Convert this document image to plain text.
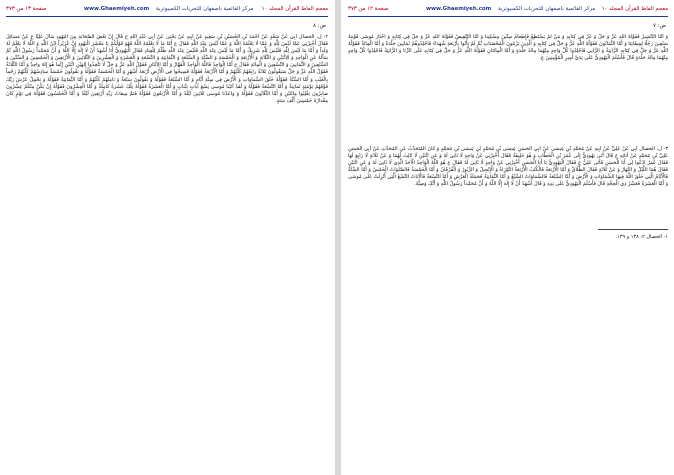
صفحة ١٣ من ٣٧٣	www.Ghaemiyeh.com مركز القائمية باصفهان للتحريات الكمبيوترية معجم الفاظ القرآن المجلد ١٠
ص: ٨

٢- ل، الخصال أَبِي عَنْ سَعْدٍ عَنْ أَحْمَدَ بْنِ الْحُسَيْنِ بْنِ سَعِيدٍ عَنْ أَبِيهِ عَنْ يَحْيَى عَنْ أَبِي عَبْدِ اللَّهِ ع قَالَ إِنَّ بَعْضَ الصَّحَابَةِ مِنَ الْيَهُودِ سَأَلَ عَلِيّاً ع عَنْ مَسَائِلَ فَقَالَ أَخْبِرْنِي عَمَّا لَيْسَ لِلَّهِ وَ عَمَّا لَا يَعْلَمُهُ اللَّهُ وَ عَمَّا لَيْسَ عِنْدَ اللَّهِ فَقَالَ ع أَمَّا مَا لَا يَعْلَمُهُ اللَّهُ فَهُوَ قَوْلُكُمْ يَا مَعْشَرَ الْيَهُودِ إِنَّ عُزَيْراً ابْنُ اللَّهِ وَ اللَّهُ لَا يَعْلَمُ لَهُ وَلَداً وَ أَمَّا مَا لَيْسَ لِلَّهِ فَلَيْسَ لِلَّهِ شَرِيكٌ وَ أَمَّا مَا لَيْسَ عِنْدَ اللَّهِ فَلَيْسَ عِنْدَ اللَّهِ ظُلْمٌ لِلْعِبَادِ فَقَالَ الْيَهُودِيُّ أَنَا أَشْهَدُ أَنْ لَا إِلَهَ إِلَّا اللَّهُ وَ أَنَّ مُحَمَّداً رَسُولُ اللَّهِ ثُمَّ سَأَلَهُ عَنِ الْوَاحِدِ وَ الِاثْنَيْنِ وَ الثَّلَاثَةِ وَ الْأَرْبَعَةِ وَ الْخَمْسَةِ وَ السِّتَّةِ وَ السَّبْعَةِ وَ الثَّمَانِيَةِ وَ التِّسْعَةِ وَ الْعَشَرَةِ وَ الْعِشْرِينَ وَ الثَّلَاثِينَ وَ الْأَرْبَعِينَ وَ الْخَمْسِينَ وَ السِّتِّينَ وَ السَّبْعِينَ وَ الثَّمَانِينَ وَ التِّسْعِينَ وَ الْمِائَةِ فَقَالَ ع أَمَّا الْوَاحِدُ فَاللَّهُ الْوَاحِدُ الْقَهَّارُ وَ أَمَّا الِاثْنَانِ فَقَوْلُ اللَّهِ عَزَّ وَ جَلَّ لَا تَتَّخِذُوا إِلهَيْنِ اثْنَيْنِ إِنَّما هُوَ إِلهٌ واحِدٌ وَ أَمَّا الثَّلَاثَةُ فَقَوْلُ اللَّهِ عَزَّ وَ جَلَّ سَيَقُولُونَ ثَلاثَةٌ رابِعُهُمْ كَلْبُهُمْ وَ أَمَّا الْأَرْبَعَةُ فَقَوْلُهُ فَسِيحُوا فِي الْأَرْضِ أَرْبَعَةَ أَشْهُرٍ وَ أَمَّا الْخَمْسَةُ فَقَوْلُهُ وَ يَقُولُونَ خَمْسَةٌ سادِسُهُمْ كَلْبُهُمْ رَجْماً بِالْغَيْبِ وَ أَمَّا السِّتَّةُ فَقَوْلُهُ خَلَقَ السَّماواتِ وَ الْأَرْضَ فِي سِتَّةِ أَيَّامٍ وَ أَمَّا السَّبْعَةُ فَقَوْلُهُ وَ يَقُولُونَ سَبْعَةٌ وَ ثامِنُهُمْ كَلْبُهُمْ وَ أَمَّا الثَّمَانِيَةُ فَقَوْلُهُ وَ يَحْمِلُ عَرْشَ رَبِّكَ فَوْقَهُمْ يَوْمَئِذٍ ثَمانِيَةٌ وَ أَمَّا التِّسْعَةُ فَقَوْلُهُ وَ لَقَدْ آتَيْنا مُوسى تِسْعَ آياتٍ بَيِّناتٍ وَ أَمَّا الْعَشَرَةُ فَقَوْلُهُ تِلْكَ عَشَرَةٌ كامِلَةٌ وَ أَمَّا الْعِشْرُونَ فَقَوْلُهُ إِنْ يَكُنْ مِنْكُمْ عِشْرُونَ صابِرُونَ يَغْلِبُوا مِائَتَيْنِ وَ أَمَّا الثَّلَاثُونَ فَقَوْلُهُ وَ واعَدْنا مُوسى ثَلاثِينَ لَيْلَةً وَ أَمَّا الْأَرْبَعُونَ فَقَوْلُهُ فَتَمَّ مِيقاتُ رَبِّهِ أَرْبَعِينَ لَيْلَةً وَ أَمَّا الْخَمْسُونَ فَقَوْلُهُ فِي يَوْمٍ كانَ مِقْدارُهُ خَمْسِينَ أَلْفَ سَنَةٍ.

صفحة ١٢ من ٣٧٣	www.Ghaemiyeh.com مركز القائمية باصفهان للتحريات الكمبيوترية معجم الفاظ القرآن المجلد ١٠
ص: ٧

وَ أَمَّا التَّنْشِيرُ فَقَوْلُهُ اللَّهِ عَزَّ وَ جَلَّ وَ عَزَّ فِي كِتَابِهِ وَ مَنْ لَمْ يَسْتَطِعْ فَإِطْعامُ سِتِّينَ مِسْكِيناً وَ أَمَّا التَّنْقِيصُ فَقَوْلُهُ اللَّهِ عَزَّ وَ جَلَّ فِي كِتَابِهِ وَ اخْتَارَ مُوسَى قَوْمَهُ سَبْعِينَ رَجُلًا لِمِيقَاتِنَا وَ أَمَّا الثَّمَانُونَ فَقَوْلُهُ اللَّهِ عَزَّ وَ جَلَّ فِي كِتَابِهِ وَ الَّذِينَ يَرْمُونَ الْمُحْصَنَاتِ ثُمَّ لَمْ يَأْتُوا بِأَرْبَعَةِ شُهَدَاءَ فَاجْلِدُوهُمْ ثَمَانِينَ جَلْدَةً وَ أَمَّا الْمِائَةُ فَقَوْلُهُ اللَّهِ عَزَّ وَ جَلَّ فِي كِتَابِهِ الزَّانِيَةُ وَ الزَّانِي فَاجْلِدُوا كُلَّ وَاحِدٍ مِنْهُمَا مِائَةَ جَلْدَةٍ وَ أَمَّا الْمِائَتَانِ فَقَوْلُهُ اللَّهِ عَزَّ وَ جَلَّ فِي كِتَابِهِ عَلَى الزِّنَا وَ الزَّانِيَةُ فَاجْلِدُوا كُلَّ وَاحِدٍ مِنْهُمَا مِائَةَ جَلْدَةٍ قَالَ فَأَسْلَمَ الْيَهُودِيُّ عَلَى يَدَيْ أَمِيرِ الْمُؤْمِنِينَ ع.

٣- ل، الخصال أَبِي عَنْ عَلِيٍّ عَنْ أَبِيهِ عَنْ مُحَمَّدِ بْنِ عِيسَى عَنْ أَبِي الْحَسَنِ عِيسَى بْنِ مُحَمَّدٍ بْنِ عِيسَى بْنِ مُحَمَّدٍ وَ كَانَ الْمُتَحَدِّثُ عَنِ الْمُحَدِّثِ عَنْ أَبِي الْحَسَنِ عَلِيِّ بْنِ مُحَمَّدٍ عَنْ آبَائِهِ ع قَالَ أَتَى يَهُودِيٌّ إِلَى عُمَرَ بْنِ الْخَطَّابِ وَ هُوَ خَلِيفَةٌ فَقَالَ أَخْبِرْنِي عَنْ وَاحِدٍ لَا ثَانِيَ لَهُ وَ عَنِ اثْنَيْنِ لَا ثَالِثَ لَهُمَا وَ عَنْ ثَلَاثَةٍ لَا رَابِعَ لَهَا فَقَالَ عُمَرُ ادْعُوا لِي أَبَا الْحَسَنِ فَأَتَى عَلِيٌّ ع فَقَالَ الْيَهُودِيُّ يَا أَبَا الْحَسَنِ أَخْبِرْنِي عَنْ وَاحِدٍ لَا ثَانِيَ لَهُ فَقَالَ ع هُوَ اللَّهُ الْوَاحِدُ الْأَحَدُ الَّذِي لَا ثَانِيَ لَهُ وَ عَنِ اثْنَيْنِ فَقَالَ هُمَا اللَّيْلُ وَ النَّهَارُ وَ عَنْ ثَلَاثَةٍ فَقَالَ الطَّلَاقُ وَ أَمَّا الْأَرْبَعَةُ فَالْكُتُبُ الْأَرْبَعَةُ التَّوْرَاةُ وَ الْإِنْجِيلُ وَ الزَّبُورُ وَ الْفُرْقَانُ وَ أَمَّا الْخَمْسَةُ فَالصَّلَوَاتُ الْخَمْسُ وَ أَمَّا السِّتَّةُ فَالْأَيَّامُ الَّتِي خَلَقَ اللَّهُ فِيهَا السَّمَاوَاتِ وَ الْأَرْضَ وَ أَمَّا السَّبْعَةُ فَالسَّمَاوَاتُ السَّبْعُ وَ أَمَّا الثَّمَانِيَةُ فَحَمَلَةُ الْعَرْشِ وَ أَمَّا التِّسْعَةُ فَالْآيَاتُ التِّسْعُ الَّتِي أُنْزِلَتْ عَلَى مُوسَى وَ أَمَّا الْعَشَرَةُ فَعَشْرُ ذِي الْحِجَّةِ قَالَ فَأَسْلَمَ الْيَهُودِيُّ عَلَى يَدِهِ وَ قَالَ أَشْهَدُ أَنْ لَا إِلَهَ إِلَّا اللَّهُ وَ أَنَّ مُحَمَّداً رَسُولُ اللَّهِ وَ أَنَّكَ وَصِيُّهُ.

١- الخصال ٢: ١٣٨ و ١٣٩.
